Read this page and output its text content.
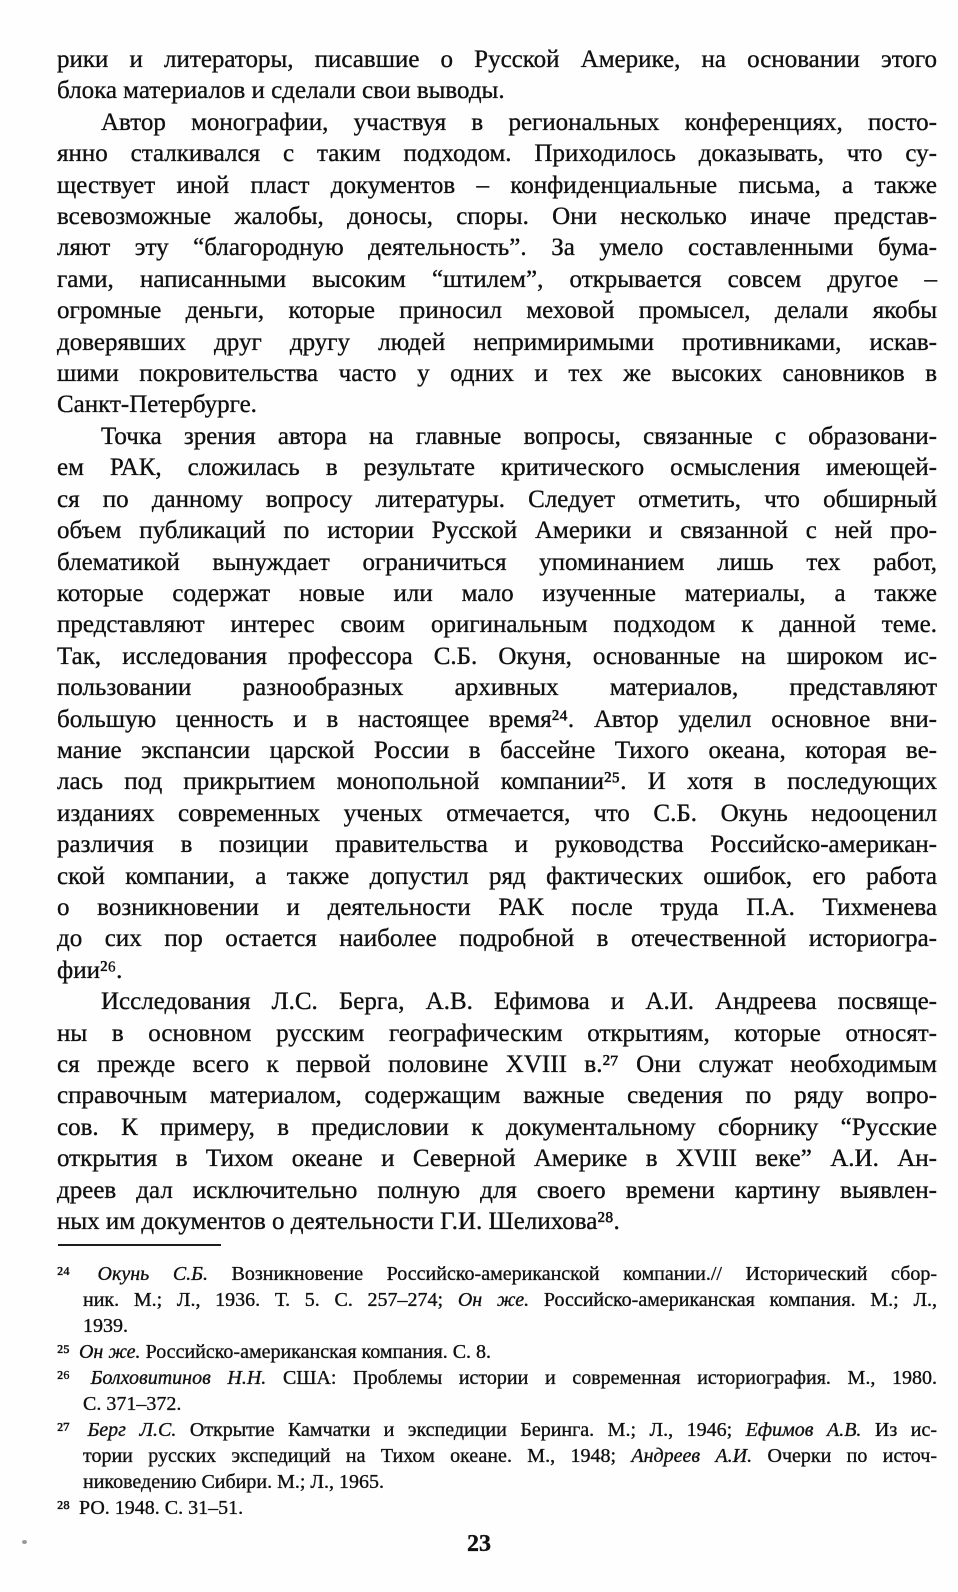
рики и литераторы, писавшие о Русской Америке, на основании этого
блока материалов и сделали свои выводы.
Автор монографии, участвуя в региональных конференциях, посто-
янно сталкивался с таким подходом. Приходилось доказывать, что су-
ществует иной пласт документов – конфиденциальные письма, а также
всевозможные жалобы, доносы, споры. Они несколько иначе представ-
ляют эту “благородную деятельность”. За умело составленными бума-
гами, написанными высоким “штилем”, открывается совсем другое –
огромные деньги, которые приносил меховой промысел, делали якобы
доверявших друг другу людей непримиримыми противниками, искав-
шими покровительства часто у одних и тех же высоких сановников в
Санкт-Петербурге.
Точка зрения автора на главные вопросы, связанные с образовани-
ем РАК, сложилась в результате критического осмысления имеющей-
ся по данному вопросу литературы. Следует отметить, что обширный
объем публикаций по истории Русской Америки и связанной с ней про-
блематикой вынуждает ограничиться упоминанием лишь тех работ,
которые содержат новые или мало изученные материалы, а также
представляют интерес своим оригинальным подходом к данной теме.
Так, исследования профессора С.Б. Окуня, основанные на широком ис-
пользовании разнообразных архивных материалов, представляют
большую ценность и в настоящее время²⁴. Автор уделил основное вни-
мание экспансии царской России в бассейне Тихого океана, которая ве-
лась под прикрытием монопольной компании²⁵. И хотя в последующих
изданиях современных ученых отмечается, что С.Б. Окунь недооценил
различия в позиции правительства и руководства Российско-американ-
ской компании, а также допустил ряд фактических ошибок, его работа
о возникновении и деятельности РАК после труда П.А. Тихменева
до сих пор остается наиболее подробной в отечественной историогра-
фии²⁶.
Исследования Л.С. Берга, А.В. Ефимова и А.И. Андреева посвяще-
ны в основном русским географическим открытиям, которые относят-
ся прежде всего к первой половине XVIII в.²⁷ Они служат необходимым
справочным материалом, содержащим важные сведения по ряду вопро-
сов. К примеру, в предисловии к документальному сборнику “Русские
открытия в Тихом океане и Северной Америке в XVIII веке” А.И. Ан-
дреев дал исключительно полную для своего времени картину выявлен-
ных им документов о деятельности Г.И. Шелихова²⁸.
²⁴ Окунь С.Б. Возникновение Российско-американской компании.// Исторический сбор-
ник. М.; Л., 1936. Т. 5. С. 257–274; Он же. Российско-американская компания. М.; Л.,
1939.
²⁵ Он же. Российско-американская компания. С. 8.
²⁶ Болховитинов Н.Н. США: Проблемы истории и современная историография. М., 1980.
С. 371–372.
²⁷ Берг Л.С. Открытие Камчатки и экспедиции Беринга. М.; Л., 1946; Ефимов А.В. Из ис-
тории русских экспедиций на Тихом океане. М., 1948; Андреев А.И. Очерки по источ-
никоведению Сибири. М.; Л., 1965.
²⁸ РО. 1948. С. 31–51.
23
